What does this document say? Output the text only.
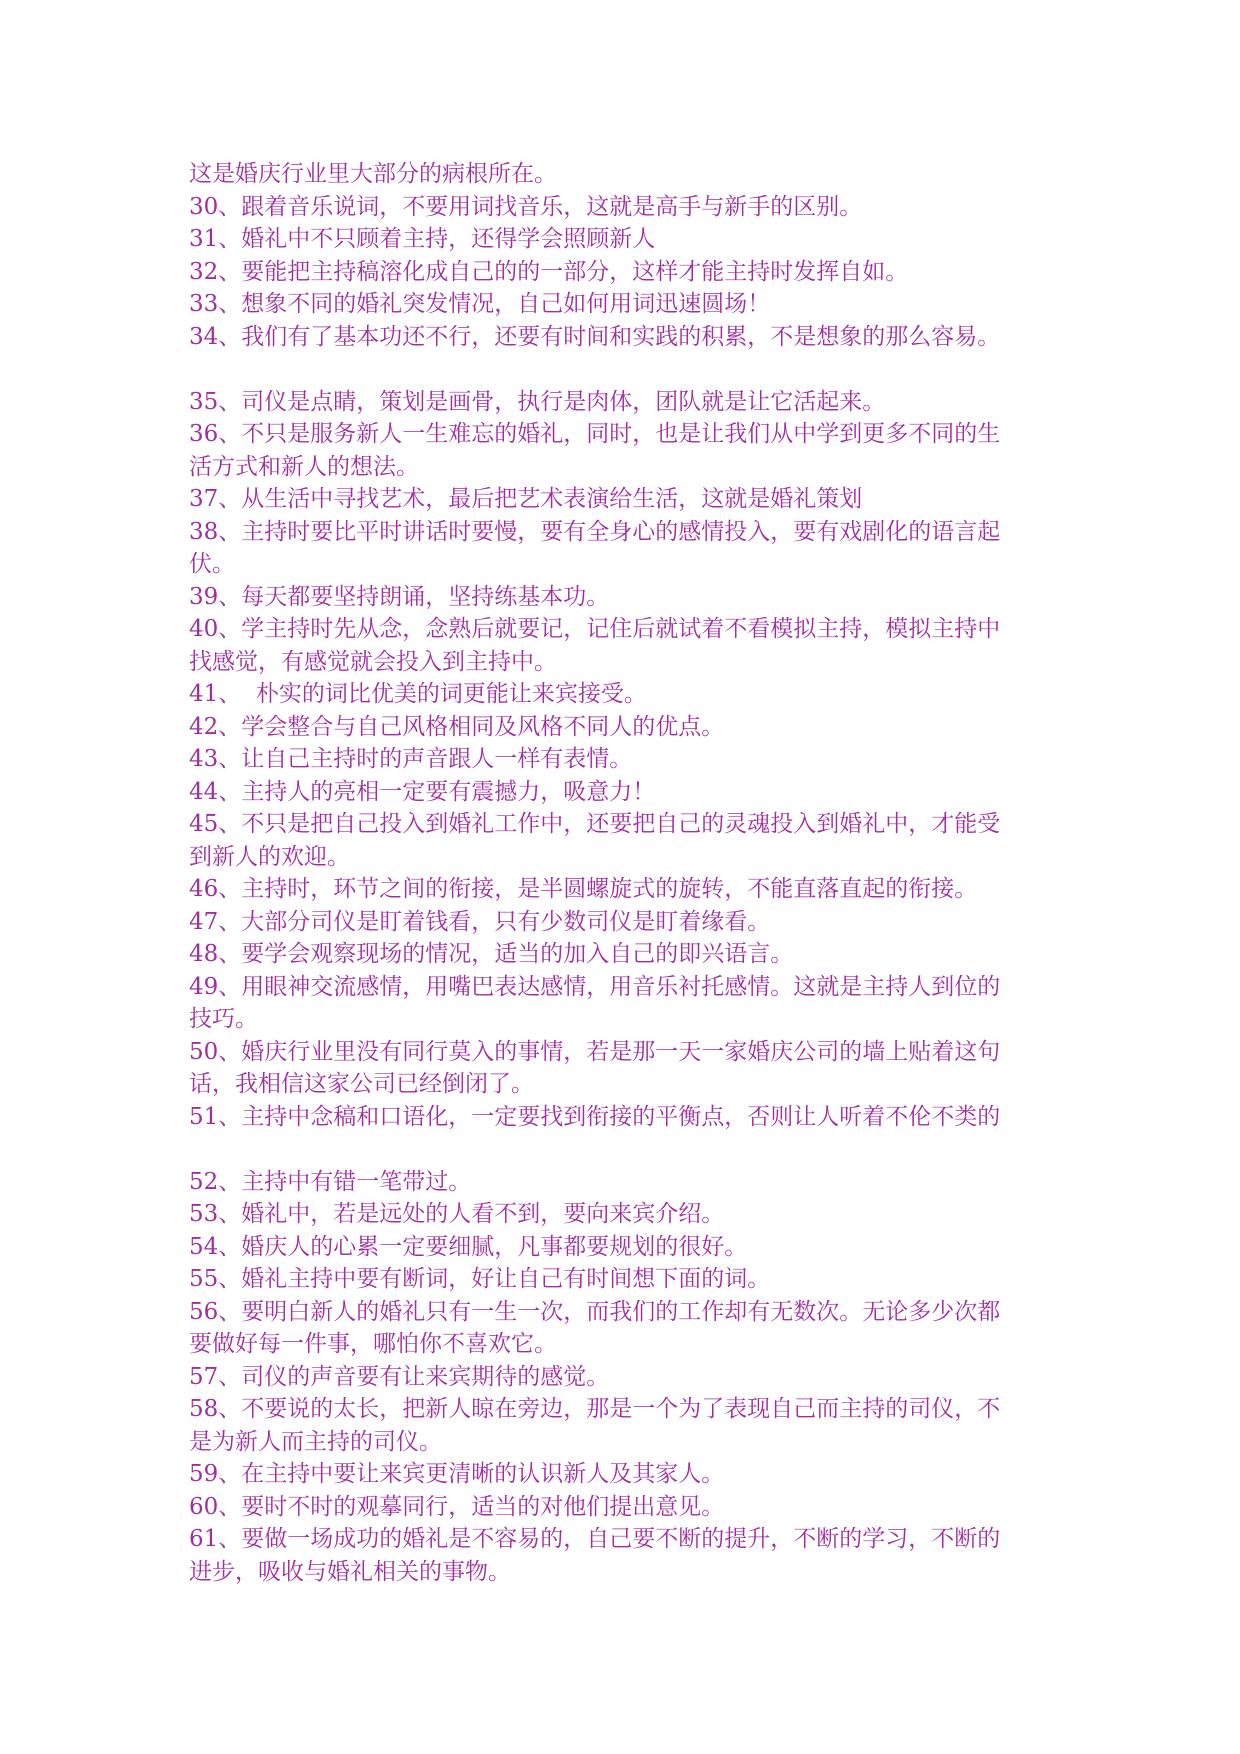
这是婚庆行业里大部分的病根所在。

30、跟着音乐说词，不要用词找音乐，这就是高手与新手的区别。

31、婚礼中不只顾着主持，还得学会照顾新人

32、要能把主持稿溶化成自己的的一部分，这样才能主持时发挥自如。

33、想象不同的婚礼突发情况，自己如何用词迅速圆场！

34、我们有了基本功还不行，还要有时间和实践的积累，不是想象的那么容易。

35、司仪是点睛，策划是画骨，执行是肉体，团队就是让它活起来。

36、不只是服务新人一生难忘的婚礼，同时，也是让我们从中学到更多不同的生

活方式和新人的想法。

37、从生活中寻找艺术，最后把艺术表演给生活，这就是婚礼策划

38、主持时要比平时讲话时要慢，要有全身心的感情投入，要有戏剧化的语言起

伏。

39、每天都要坚持朗诵，坚持练基本功。

40、学主持时先从念，念熟后就要记，记住后就试着不看模拟主持，模拟主持中

找感觉，有感觉就会投入到主持中。

41、  朴实的词比优美的词更能让来宾接受。

42、学会整合与自己风格相同及风格不同人的优点。

43、让自己主持时的声音跟人一样有表情。

44、主持人的亮相一定要有震撼力，吸意力！

45、不只是把自己投入到婚礼工作中，还要把自己的灵魂投入到婚礼中，才能受

到新人的欢迎。

46、主持时，环节之间的衔接，是半圆螺旋式的旋转，不能直落直起的衔接。

47、大部分司仪是盯着钱看，只有少数司仪是盯着缘看。

48、要学会观察现场的情况，适当的加入自己的即兴语言。

49、用眼神交流感情，用嘴巴表达感情，用音乐衬托感情。这就是主持人到位的

技巧。

50、婚庆行业里没有同行莫入的事情，若是那一天一家婚庆公司的墙上贴着这句

话，我相信这家公司已经倒闭了。

51、主持中念稿和口语化，一定要找到衔接的平衡点，否则让人听着不伦不类的

52、主持中有错一笔带过。

53、婚礼中，若是远处的人看不到，要向来宾介绍。

54、婚庆人的心累一定要细腻，凡事都要规划的很好。

55、婚礼主持中要有断词，好让自己有时间想下面的词。

56、要明白新人的婚礼只有一生一次，而我们的工作却有无数次。无论多少次都

要做好每一件事，哪怕你不喜欢它。

57、司仪的声音要有让来宾期待的感觉。

58、不要说的太长，把新人晾在旁边，那是一个为了表现自己而主持的司仪，不

是为新人而主持的司仪。

59、在主持中要让来宾更清晰的认识新人及其家人。

60、要时不时的观摹同行，适当的对他们提出意见。

61、要做一场成功的婚礼是不容易的，自己要不断的提升，不断的学习，不断的

进步，吸收与婚礼相关的事物。
